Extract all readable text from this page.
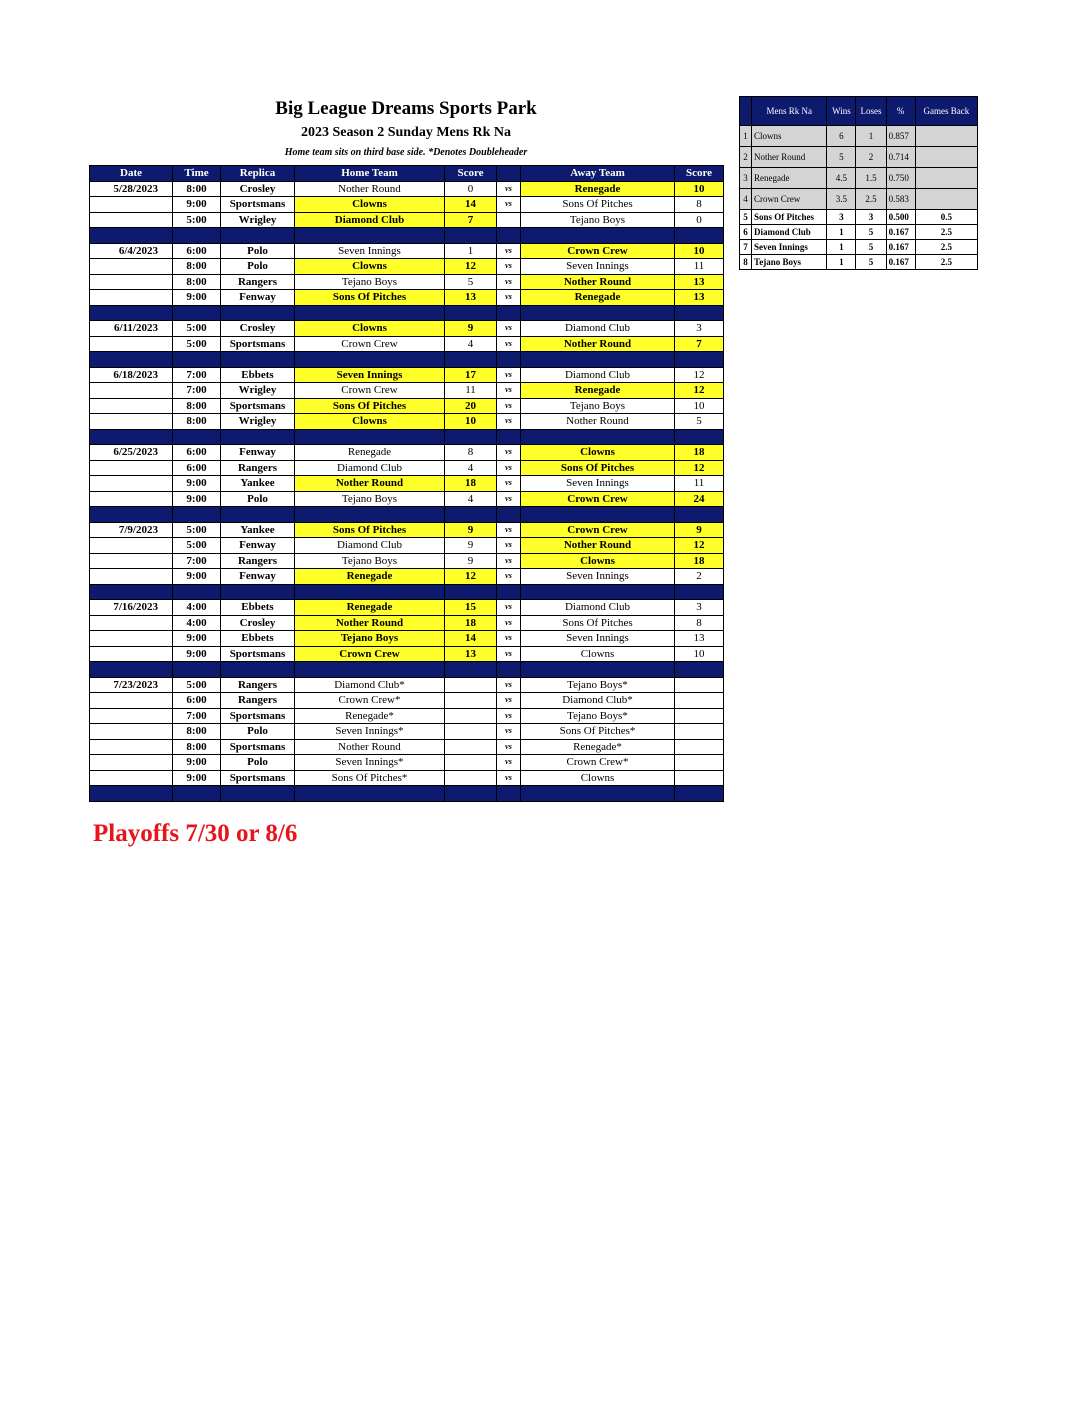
Big League Dreams Sports Park
2023 Season 2 Sunday Mens Rk Na
Home team sits on third base side. *Denotes Doubleheader
Date	Time	Replica	Home Team	Score		Away Team	Score
5/28/2023	8:00	Crosley	Nother Round	0	vs	Renegade	10
	9:00	Sportsmans	Clowns	14	vs	Sons Of Pitches	8
	5:00	Wrigley	Diamond Club	7		Tejano Boys	0

6/4/2023	6:00	Polo	Seven Innings	1	vs	Crown Crew	10
	8:00	Polo	Clowns	12	vs	Seven Innings	11
	8:00	Rangers	Tejano Boys	5	vs	Nother Round	13
	9:00	Fenway	Sons Of Pitches	13	vs	Renegade	13

6/11/2023	5:00	Crosley	Clowns	9	vs	Diamond Club	3
	5:00	Sportsmans	Crown Crew	4	vs	Nother Round	7

6/18/2023	7:00	Ebbets	Seven Innings	17	vs	Diamond Club	12
	7:00	Wrigley	Crown Crew	11	vs	Renegade	12
	8:00	Sportsmans	Sons Of Pitches	20	vs	Tejano Boys	10
	8:00	Wrigley	Clowns	10	vs	Nother Round	5

6/25/2023	6:00	Fenway	Renegade	8	vs	Clowns	18
	6:00	Rangers	Diamond Club	4	vs	Sons Of Pitches	12
	9:00	Yankee	Nother Round	18	vs	Seven Innings	11
	9:00	Polo	Tejano Boys	4	vs	Crown Crew	24

7/9/2023	5:00	Yankee	Sons Of Pitches	9	vs	Crown Crew	9
	5:00	Fenway	Diamond Club	9	vs	Nother Round	12
	7:00	Rangers	Tejano Boys	9	vs	Clowns	18
	9:00	Fenway	Renegade	12	vs	Seven Innings	2

7/16/2023	4:00	Ebbets	Renegade	15	vs	Diamond Club	3
	4:00	Crosley	Nother Round	18	vs	Sons Of Pitches	8
	9:00	Ebbets	Tejano Boys	14	vs	Seven Innings	13
	9:00	Sportsmans	Crown Crew	13	vs	Clowns	10

7/23/2023	5:00	Rangers	Diamond Club*		vs	Tejano Boys*	
	6:00	Rangers	Crown Crew*		vs	Diamond Club*	
	7:00	Sportsmans	Renegade*		vs	Tejano Boys*	
	8:00	Polo	Seven Innings*		vs	Sons Of Pitches*	
	8:00	Sportsmans	Nother Round		vs	Renegade*	
	9:00	Polo	Seven Innings*		vs	Crown Crew*	
	9:00	Sportsmans	Sons Of Pitches*		vs	Clowns	

	Mens Rk Na	Wins	Loses	%	Games Back
1	Clowns	6	1	0.857	
2	Nother Round	5	2	0.714	
3	Renegade	4.5	1.5	0.750	
4	Crown Crew	3.5	2.5	0.583	
5	Sons Of Pitches	3	3	0.500	0.5
6	Diamond Club	1	5	0.167	2.5
7	Seven Innings	1	5	0.167	2.5
8	Tejano Boys	1	5	0.167	2.5
Playoffs 7/30 or 8/6
